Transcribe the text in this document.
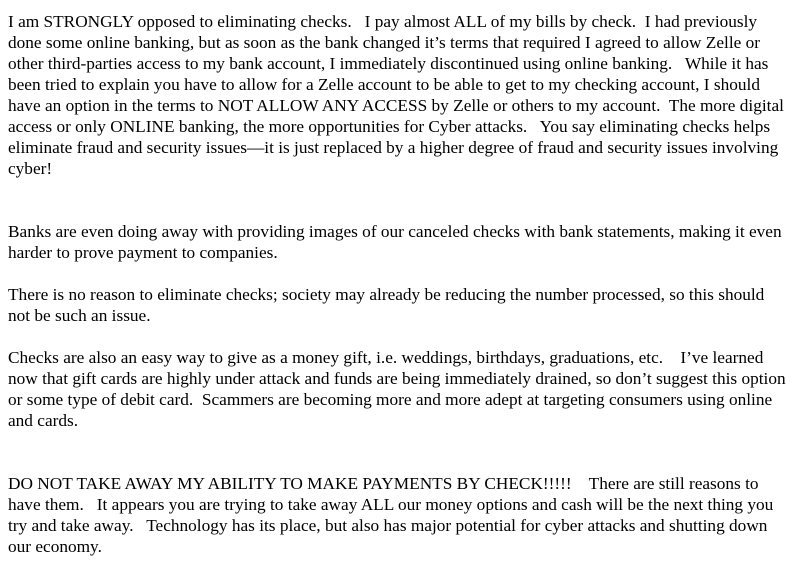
I am STRONGLY opposed to eliminating checks.   I pay almost ALL of my bills by check.  I had previously done some online banking, but as soon as the bank changed it’s terms that required I agreed to allow Zelle or other third-parties access to my bank account, I immediately discontinued using online banking.   While it has been tried to explain you have to allow for a Zelle account to be able to get to my checking account, I should have an option in the terms to NOT ALLOW ANY ACCESS by Zelle or others to my account.  The more digital access or only ONLINE banking, the more opportunities for Cyber attacks.   You say eliminating checks helps eliminate fraud and security issues—it is just replaced by a higher degree of fraud and security issues involving cyber!

Banks are even doing away with providing images of our canceled checks with bank statements, making it even harder to prove payment to companies.

There is no reason to eliminate checks; society may already be reducing the number processed, so this should not be such an issue.

Checks are also an easy way to give as a money gift, i.e. weddings, birthdays, graduations, etc.    I’ve learned now that gift cards are highly under attack and funds are being immediately drained, so don’t suggest this option or some type of debit card.  Scammers are becoming more and more adept at targeting consumers using online and cards.

DO NOT TAKE AWAY MY ABILITY TO MAKE PAYMENTS BY CHECK!!!!!    There are still reasons to have them.   It appears you are trying to take away ALL our money options and cash will be the next thing you try and take away.   Technology has its place, but also has major potential for cyber attacks and shutting down our economy.
